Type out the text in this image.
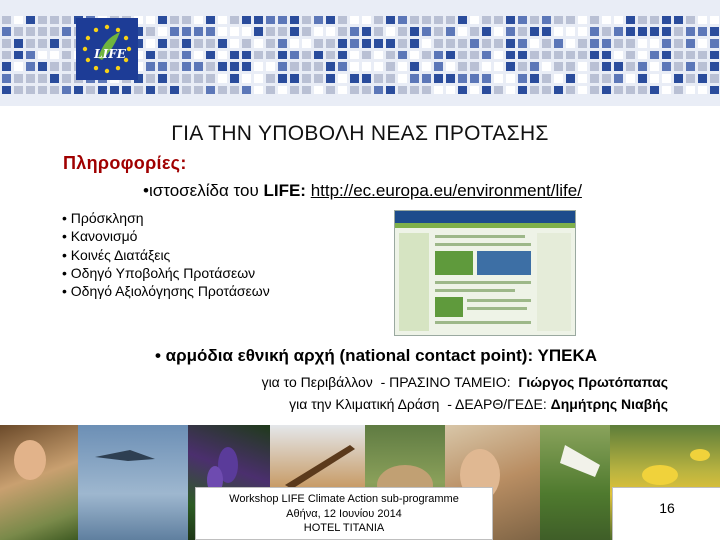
LIFE
ΓΙΑ ΤΗΝ ΥΠΟΒΟΛΗ ΝΕΑΣ ΠΡΟΤΑΣΗΣ
Πληροφορίες:
•ιστοσελίδα του LIFE: http://ec.europa.eu/environment/life/
• Πρόσκληση
• Κανονισμό
• Κοινές Διατάξεις
• Οδηγό Υποβολής Προτάσεων
• Οδηγό Αξιολόγησης Προτάσεων
• αρμόδια εθνική αρχή (national contact point): ΥΠΕΚΑ
για το Περιβάλλον  - ΠΡΑΣΙΝΟ ΤΑΜΕΙΟ:  Γιώργος Πρωτόπαπας
για την Κλιματική Δράση  - ΔΕΑΡΘ/ΓΕΔΕ: Δημήτρης Νιαβής
Workshop LIFE Climate Action sub-programme
Αθήνα, 12 Ιουνίου 2014
HOTEL TITANIA
16
